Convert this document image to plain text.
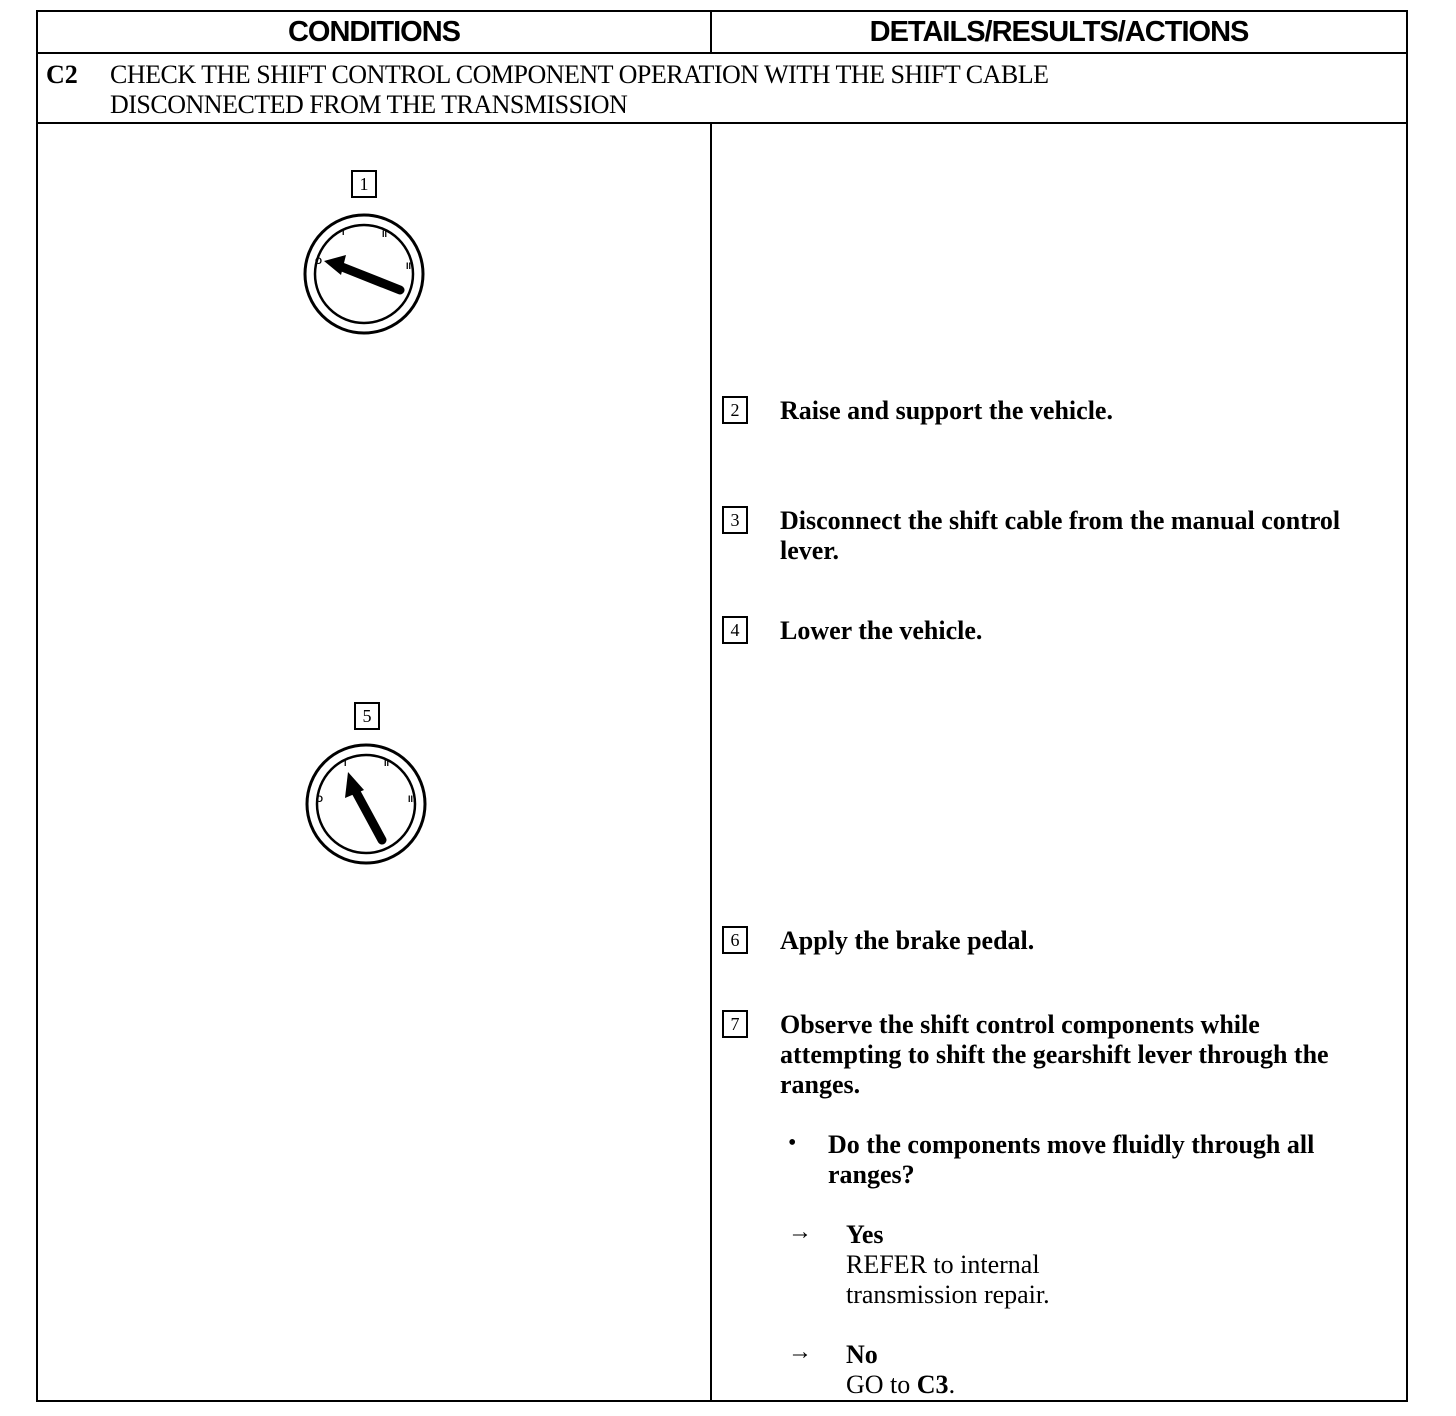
CONDITIONS	DETAILS/RESULTS/ACTIONS
C2 CHECK THE SHIFT CONTROL COMPONENT OPERATION WITH THE SHIFT CABLE
DISCONNECTED FROM THE TRANSMISSION
1
O
I	II
III
5
O
I	II
III
2	Raise and support the vehicle.
3	Disconnect the shift cable from the manual control
lever.
4	Lower the vehicle.
6	Apply the brake pedal.
7	Observe the shift control components while
attempting to shift the gearshift lever through the
ranges.
• Do the components move fluidly through all
ranges?
→ Yes
REFER to internal
transmission repair.
→ No
GO to C3.
